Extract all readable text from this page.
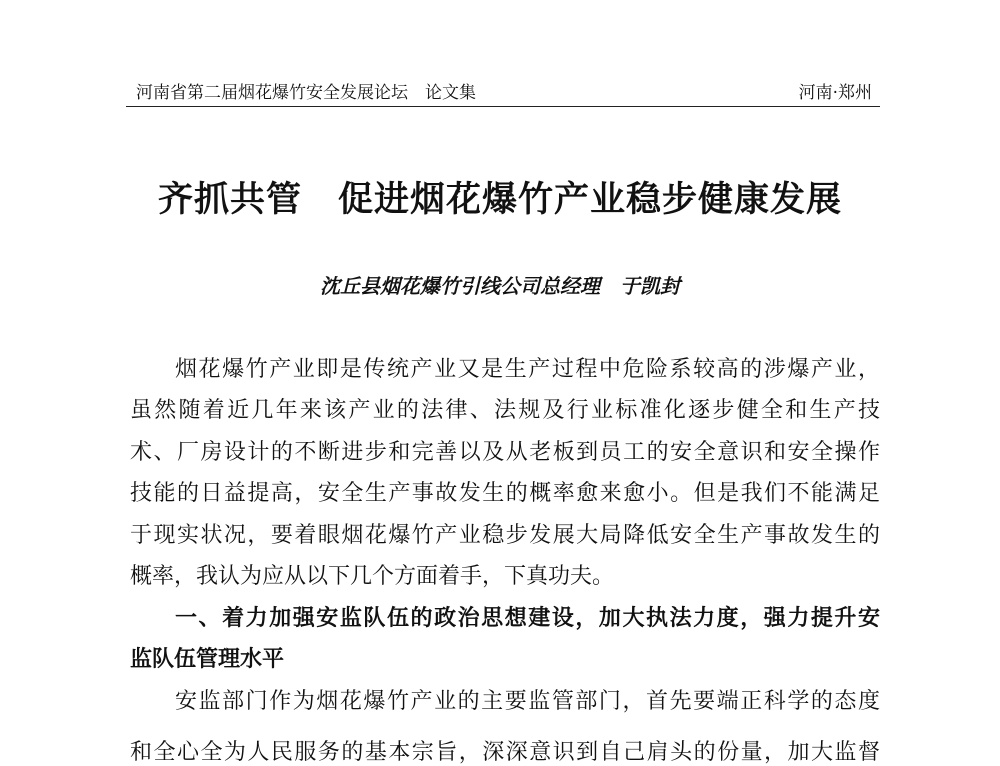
河南省第二届烟花爆竹安全发展论坛　论文集	河南·郑州
齐抓共管　促进烟花爆竹产业稳步健康发展
沈丘县烟花爆竹引线公司总经理　于凯封
烟花爆竹产业即是传统产业又是生产过程中危险系较高的涉爆产业，
虽然随着近几年来该产业的法律、法规及行业标准化逐步健全和生产技
术、厂房设计的不断进步和完善以及从老板到员工的安全意识和安全操作
技能的日益提高，安全生产事故发生的概率愈来愈小。但是我们不能满足
于现实状况，要着眼烟花爆竹产业稳步发展大局降低安全生产事故发生的
概率，我认为应从以下几个方面着手，下真功夫。
一、着力加强安监队伍的政治思想建设，加大执法力度，强力提升安
监队伍管理水平
安监部门作为烟花爆竹产业的主要监管部门，首先要端正科学的态度
和全心全为人民服务的基本宗旨，深深意识到自己肩头的份量，加大监督
